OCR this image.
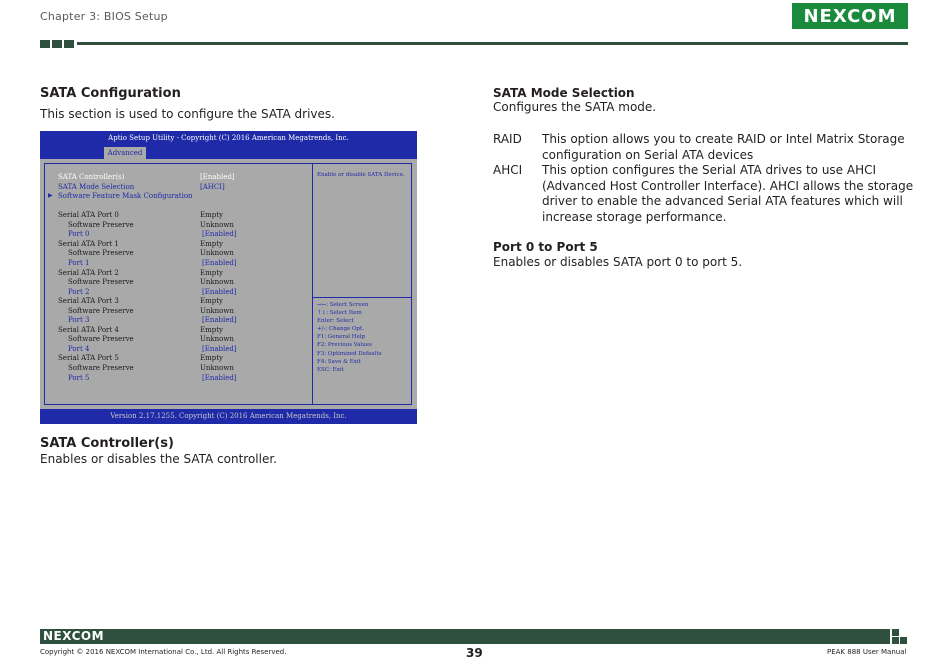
Chapter 3: BIOS Setup	NEXCOM
SATA Configuration
This section is used to configure the SATA drives.
Aptio Setup Utility - Copyright (C) 2016 American Megatrends, Inc.
Advanced
SATA Controller(s)	[Enabled]
SATA Mode Selection	[AHCI]
▶ Software Feature Mask Configuration
Serial ATA Port 0	Empty
Software Preserve	Unknown
Port 0	[Enabled]
Serial ATA Port 1	Empty
Software Preserve	Unknown
Port 1	[Enabled]
Serial ATA Port 2	Empty
Software Preserve	Unknown
Port 2	[Enabled]
Serial ATA Port 3	Empty
Software Preserve	Unknown
Port 3	[Enabled]
Serial ATA Port 4	Empty
Software Preserve	Unknown
Port 4	[Enabled]
Serial ATA Port 5	Empty
Software Preserve	Unknown
Port 5	[Enabled]
Enable or disable SATA Device.
→←: Select Screen
↑↓: Select Item
Enter: Select
+/-: Change Opt.
F1: General Help
F2: Previous Values
F3: Optimized Defaults
F4: Save & Exit
ESC: Exit
Version 2.17.1255. Copyright (C) 2016 American Megatrends, Inc.
SATA Controller(s)
Enables or disables the SATA controller.
SATA Mode Selection
Configures the SATA mode.
RAID This option allows you to create RAID or Intel Matrix Storage configuration on Serial ATA devices
AHCI This option configures the Serial ATA drives to use AHCI (Advanced Host Controller Interface). AHCI allows the storage driver to enable the advanced Serial ATA features which will increase storage performance.
Port 0 to Port 5
Enables or disables SATA port 0 to port 5.
NEXCOM
Copyright © 2016 NEXCOM International Co., Ltd. All Rights Reserved.	39	PEAK 888 User Manual
